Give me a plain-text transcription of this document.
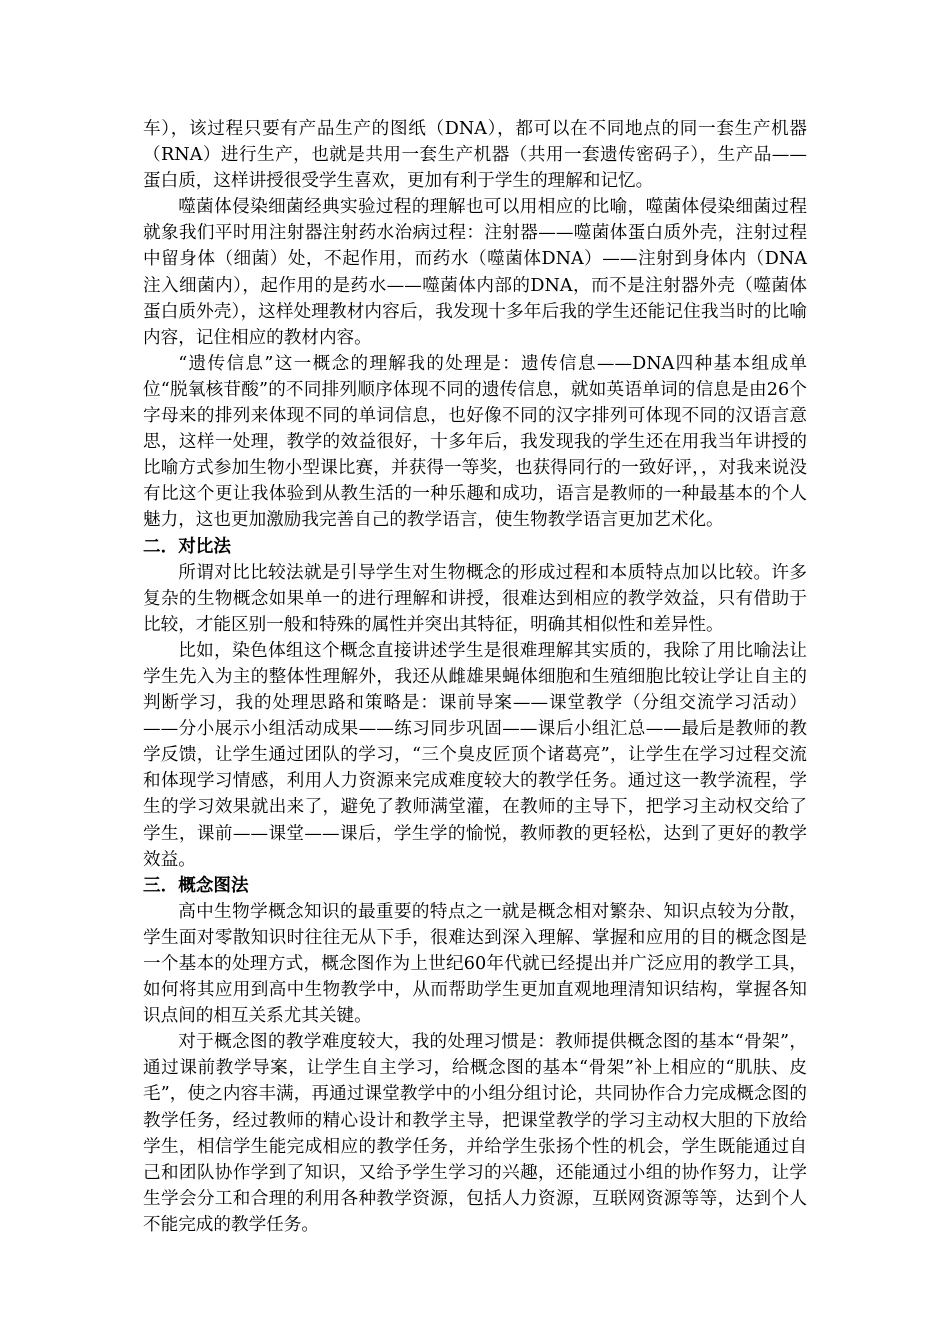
车），该过程只要有产品生产的图纸（DNA），都可以在不同地点的同一套生产机器（RNA）进行生产，也就是共用一套生产机器（共用一套遗传密码子），生产品——蛋白质，这样讲授很受学生喜欢，更加有利于学生的理解和记忆。

噬菌体侵染细菌经典实验过程的理解也可以用相应的比喻，噬菌体侵染细菌过程就象我们平时用注射器注射药水治病过程：注射器——噬菌体蛋白质外壳，注射过程中留身体（细菌）处，不起作用，而药水（噬菌体DNA）——注射到身体内（DNA注入细菌内），起作用的是药水——噬菌体内部的DNA，而不是注射器外壳（噬菌体蛋白质外壳），这样处理教材内容后，我发现十多年后我的学生还能记住我当时的比喻内容，记住相应的教材内容。

“遗传信息”这一概念的理解我的处理是：遗传信息——DNA四种基本组成单位“脱氧核苷酸”的不同排列顺序体现不同的遗传信息，就如英语单词的信息是由26个字母来的排列来体现不同的单词信息，也好像不同的汉字排列可体现不同的汉语言意思，这样一处理，教学的效益很好，十多年后，我发现我的学生还在用我当年讲授的比喻方式参加生物小型课比赛，并获得一等奖，也获得同行的一致好评，，对我来说没有比这个更让我体验到从教生活的一种乐趣和成功，语言是教师的一种最基本的个人魅力，这也更加激励我完善自己的教学语言，使生物教学语言更加艺术化。

二．对比法

所谓对比比较法就是引导学生对生物概念的形成过程和本质特点加以比较。许多复杂的生物概念如果单一的进行理解和讲授，很难达到相应的教学效益，只有借助于比较，才能区别一般和特殊的属性并突出其特征，明确其相似性和差异性。

比如，染色体组这个概念直接讲述学生是很难理解其实质的，我除了用比喻法让学生先入为主的整体性理解外，我还从雌雄果蝇体细胞和生殖细胞比较让学让自主的判断学习，我的处理思路和策略是：课前导案——课堂教学（分组交流学习活动）——分小展示小组活动成果——练习同步巩固——课后小组汇总——最后是教师的教学反馈，让学生通过团队的学习，“三个臭皮匠顶个诸葛亮”，让学生在学习过程交流和体现学习情感，利用人力资源来完成难度较大的教学任务。通过这一教学流程，学生的学习效果就出来了，避免了教师满堂灌，在教师的主导下，把学习主动权交给了学生，课前——课堂——课后，学生学的愉悦，教师教的更轻松，达到了更好的教学效益。

三．概念图法

高中生物学概念知识的最重要的特点之一就是概念相对繁杂、知识点较为分散，学生面对零散知识时往往无从下手，很难达到深入理解、掌握和应用的目的概念图是一个基本的处理方式，概念图作为上世纪60年代就已经提出并广泛应用的教学工具，如何将其应用到高中生物教学中，从而帮助学生更加直观地理清知识结构，掌握各知识点间的相互关系尤其关键。

对于概念图的教学难度较大，我的处理习惯是：教师提供概念图的基本“骨架”，通过课前教学导案，让学生自主学习，给概念图的基本“骨架”补上相应的“肌肤、皮毛”，使之内容丰满，再通过课堂教学中的小组分组讨论，共同协作合力完成概念图的教学任务，经过教师的精心设计和教学主导，把课堂教学的学习主动权大胆的下放给学生，相信学生能完成相应的教学任务，并给学生张扬个性的机会，学生既能通过自己和团队协作学到了知识，又给予学生学习的兴趣，还能通过小组的协作努力，让学生学会分工和合理的利用各种教学资源，包括人力资源，互联网资源等等，达到个人不能完成的教学任务。
